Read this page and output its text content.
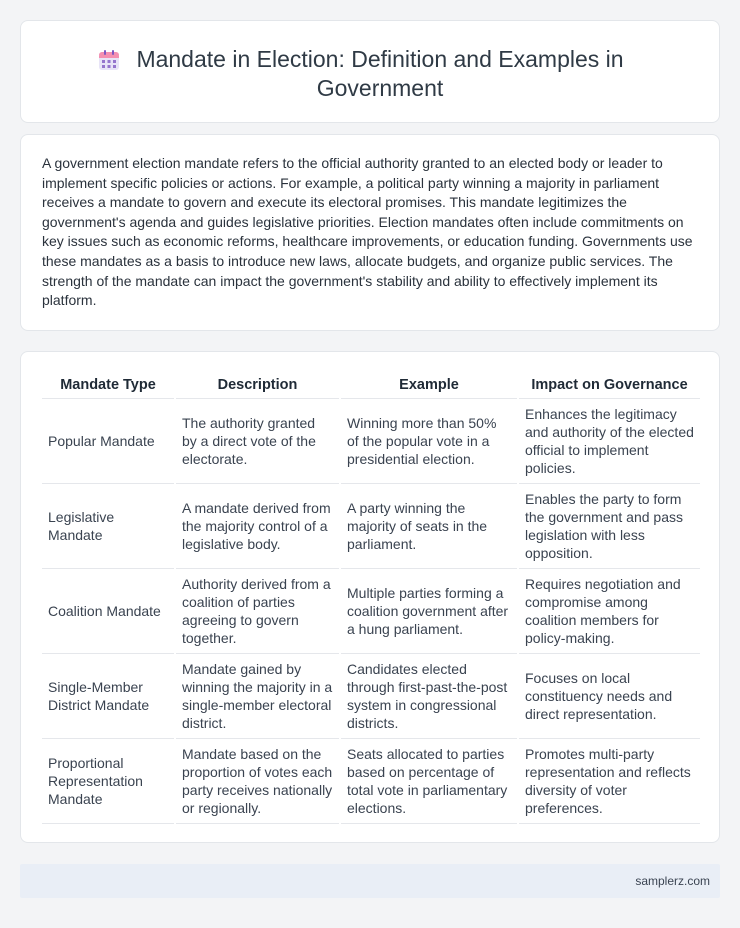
Mandate in Election: Definition and Examples in Government

A government election mandate refers to the official authority granted to an elected body or leader to implement specific policies or actions. For example, a political party winning a majority in parliament receives a mandate to govern and execute its electoral promises. This mandate legitimizes the government's agenda and guides legislative priorities. Election mandates often include commitments on key issues such as economic reforms, healthcare improvements, or education funding. Governments use these mandates as a basis to introduce new laws, allocate budgets, and organize public services. The strength of the mandate can impact the government's stability and ability to effectively implement its platform.

Mandate Type	Description	Example	Impact on Governance
Popular Mandate	The authority granted by a direct vote of the electorate.	Winning more than 50% of the popular vote in a presidential election.	Enhances the legitimacy and authority of the elected official to implement policies.
Legislative Mandate	A mandate derived from the majority control of a legislative body.	A party winning the majority of seats in the parliament.	Enables the party to form the government and pass legislation with less opposition.
Coalition Mandate	Authority derived from a coalition of parties agreeing to govern together.	Multiple parties forming a coalition government after a hung parliament.	Requires negotiation and compromise among coalition members for policy-making.
Single-Member District Mandate	Mandate gained by winning the majority in a single-member electoral district.	Candidates elected through first-past-the-post system in congressional districts.	Focuses on local constituency needs and direct representation.
Proportional Representation Mandate	Mandate based on the proportion of votes each party receives nationally or regionally.	Seats allocated to parties based on percentage of total vote in parliamentary elections.	Promotes multi-party representation and reflects diversity of voter preferences.
samplerz.com
